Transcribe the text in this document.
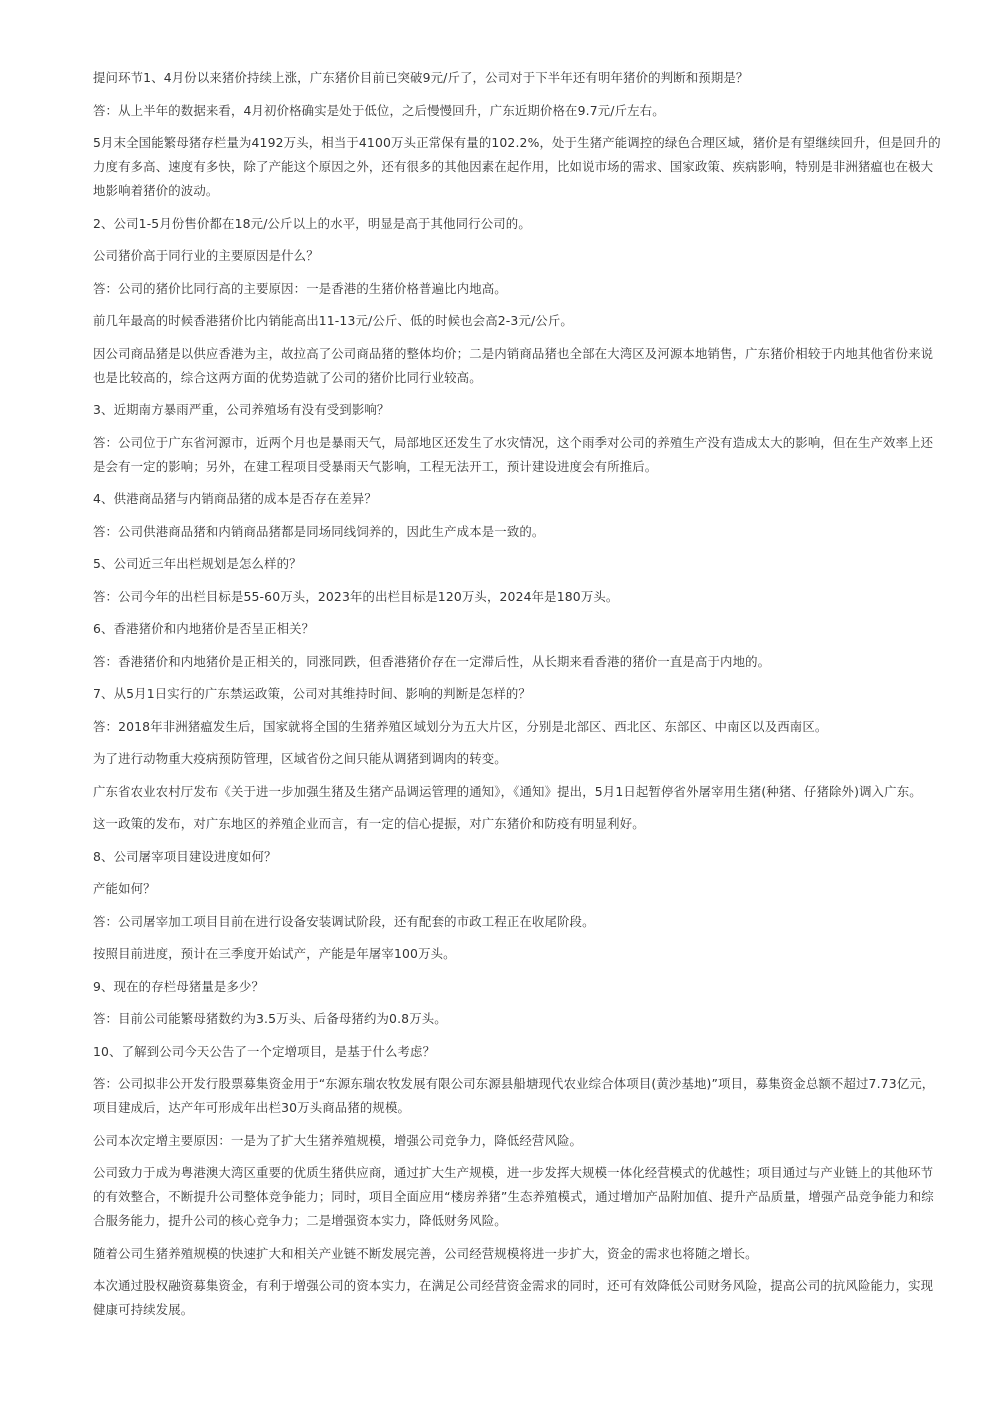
提问环节1、4月份以来猪价持续上涨，广东猪价目前已突破9元/斤了，公司对于下半年还有明年猪价的判断和预期是？

答：从上半年的数据来看，4月初价格确实是处于低位，之后慢慢回升，广东近期价格在9.7元/斤左右。

5月末全国能繁母猪存栏量为4192万头，相当于4100万头正常保有量的102.2%，处于生猪产能调控的绿色合理区域，猪价是有望继续回升，但是回升的力度有多高、速度有多快，除了产能这个原因之外，还有很多的其他因素在起作用，比如说市场的需求、国家政策、疾病影响，特别是非洲猪瘟也在极大地影响着猪价的波动。

2、公司1-5月份售价都在18元/公斤以上的水平，明显是高于其他同行公司的。

公司猪价高于同行业的主要原因是什么？

答：公司的猪价比同行高的主要原因：一是香港的生猪价格普遍比内地高。

前几年最高的时候香港猪价比内销能高出11-13元/公斤、低的时候也会高2-3元/公斤。

因公司商品猪是以供应香港为主，故拉高了公司商品猪的整体均价；二是内销商品猪也全部在大湾区及河源本地销售，广东猪价相较于内地其他省份来说也是比较高的，综合这两方面的优势造就了公司的猪价比同行业较高。

3、近期南方暴雨严重，公司养殖场有没有受到影响？

答：公司位于广东省河源市，近两个月也是暴雨天气，局部地区还发生了水灾情况，这个雨季对公司的养殖生产没有造成太大的影响，但在生产效率上还是会有一定的影响；另外，在建工程项目受暴雨天气影响，工程无法开工，预计建设进度会有所推后。

4、供港商品猪与内销商品猪的成本是否存在差异？

答：公司供港商品猪和内销商品猪都是同场同线饲养的，因此生产成本是一致的。

5、公司近三年出栏规划是怎么样的？

答：公司今年的出栏目标是55-60万头，2023年的出栏目标是120万头，2024年是180万头。

6、香港猪价和内地猪价是否呈正相关？

答：香港猪价和内地猪价是正相关的，同涨同跌，但香港猪价存在一定滞后性，从长期来看香港的猪价一直是高于内地的。

7、从5月1日实行的广东禁运政策，公司对其维持时间、影响的判断是怎样的？

答：2018年非洲猪瘟发生后，国家就将全国的生猪养殖区域划分为五大片区，分别是北部区、西北区、东部区、中南区以及西南区。

为了进行动物重大疫病预防管理，区域省份之间只能从调猪到调肉的转变。

广东省农业农村厅发布《关于进一步加强生猪及生猪产品调运管理的通知》，《通知》提出，5月1日起暂停省外屠宰用生猪(种猪、仔猪除外)调入广东。

这一政策的发布，对广东地区的养殖企业而言，有一定的信心提振，对广东猪价和防疫有明显利好。

8、公司屠宰项目建设进度如何？

产能如何？

答：公司屠宰加工项目目前在进行设备安装调试阶段，还有配套的市政工程正在收尾阶段。

按照目前进度，预计在三季度开始试产，产能是年屠宰100万头。

9、现在的存栏母猪量是多少？

答：目前公司能繁母猪数约为3.5万头、后备母猪约为0.8万头。

10、了解到公司今天公告了一个定增项目，是基于什么考虑？

答：公司拟非公开发行股票募集资金用于“东源东瑞农牧发展有限公司东源县船塘现代农业综合体项目(黄沙基地)”项目，募集资金总额不超过7.73亿元，项目建成后，达产年可形成年出栏30万头商品猪的规模。

公司本次定增主要原因：一是为了扩大生猪养殖规模，增强公司竞争力，降低经营风险。

公司致力于成为粤港澳大湾区重要的优质生猪供应商，通过扩大生产规模，进一步发挥大规模一体化经营模式的优越性；项目通过与产业链上的其他环节的有效整合，不断提升公司整体竞争能力；同时，项目全面应用“楼房养猪”生态养殖模式，通过增加产品附加值、提升产品质量，增强产品竞争能力和综合服务能力，提升公司的核心竞争力；二是增强资本实力，降低财务风险。

随着公司生猪养殖规模的快速扩大和相关产业链不断发展完善，公司经营规模将进一步扩大，资金的需求也将随之增长。

本次通过股权融资募集资金，有利于增强公司的资本实力，在满足公司经营资金需求的同时，还可有效降低公司财务风险，提高公司的抗风险能力，实现健康可持续发展。
